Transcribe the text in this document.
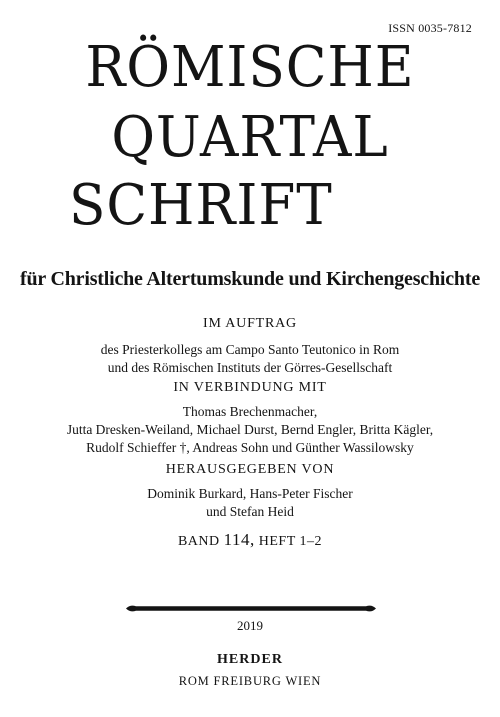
ISSN 0035-7812
RÖMISCHE
QUARTAL
SCHRIFT
für Christliche Altertumskunde und Kirchengeschichte
IM AUFTRAG
des Priesterkollegs am Campo Santo Teutonico in Rom
und des Römischen Instituts der Görres-Gesellschaft
IN VERBINDUNG MIT
Thomas Brechenmacher,
Jutta Dresken-Weiland, Michael Durst, Bernd Engler, Britta Kägler,
Rudolf Schieffer †, Andreas Sohn und Günther Wassilowsky
HERAUSGEGEBEN VON
Dominik Burkard, Hans-Peter Fischer
und Stefan Heid
BAND 114, HEFT 1–2
2019
HERDER
ROM FREIBURG WIEN
